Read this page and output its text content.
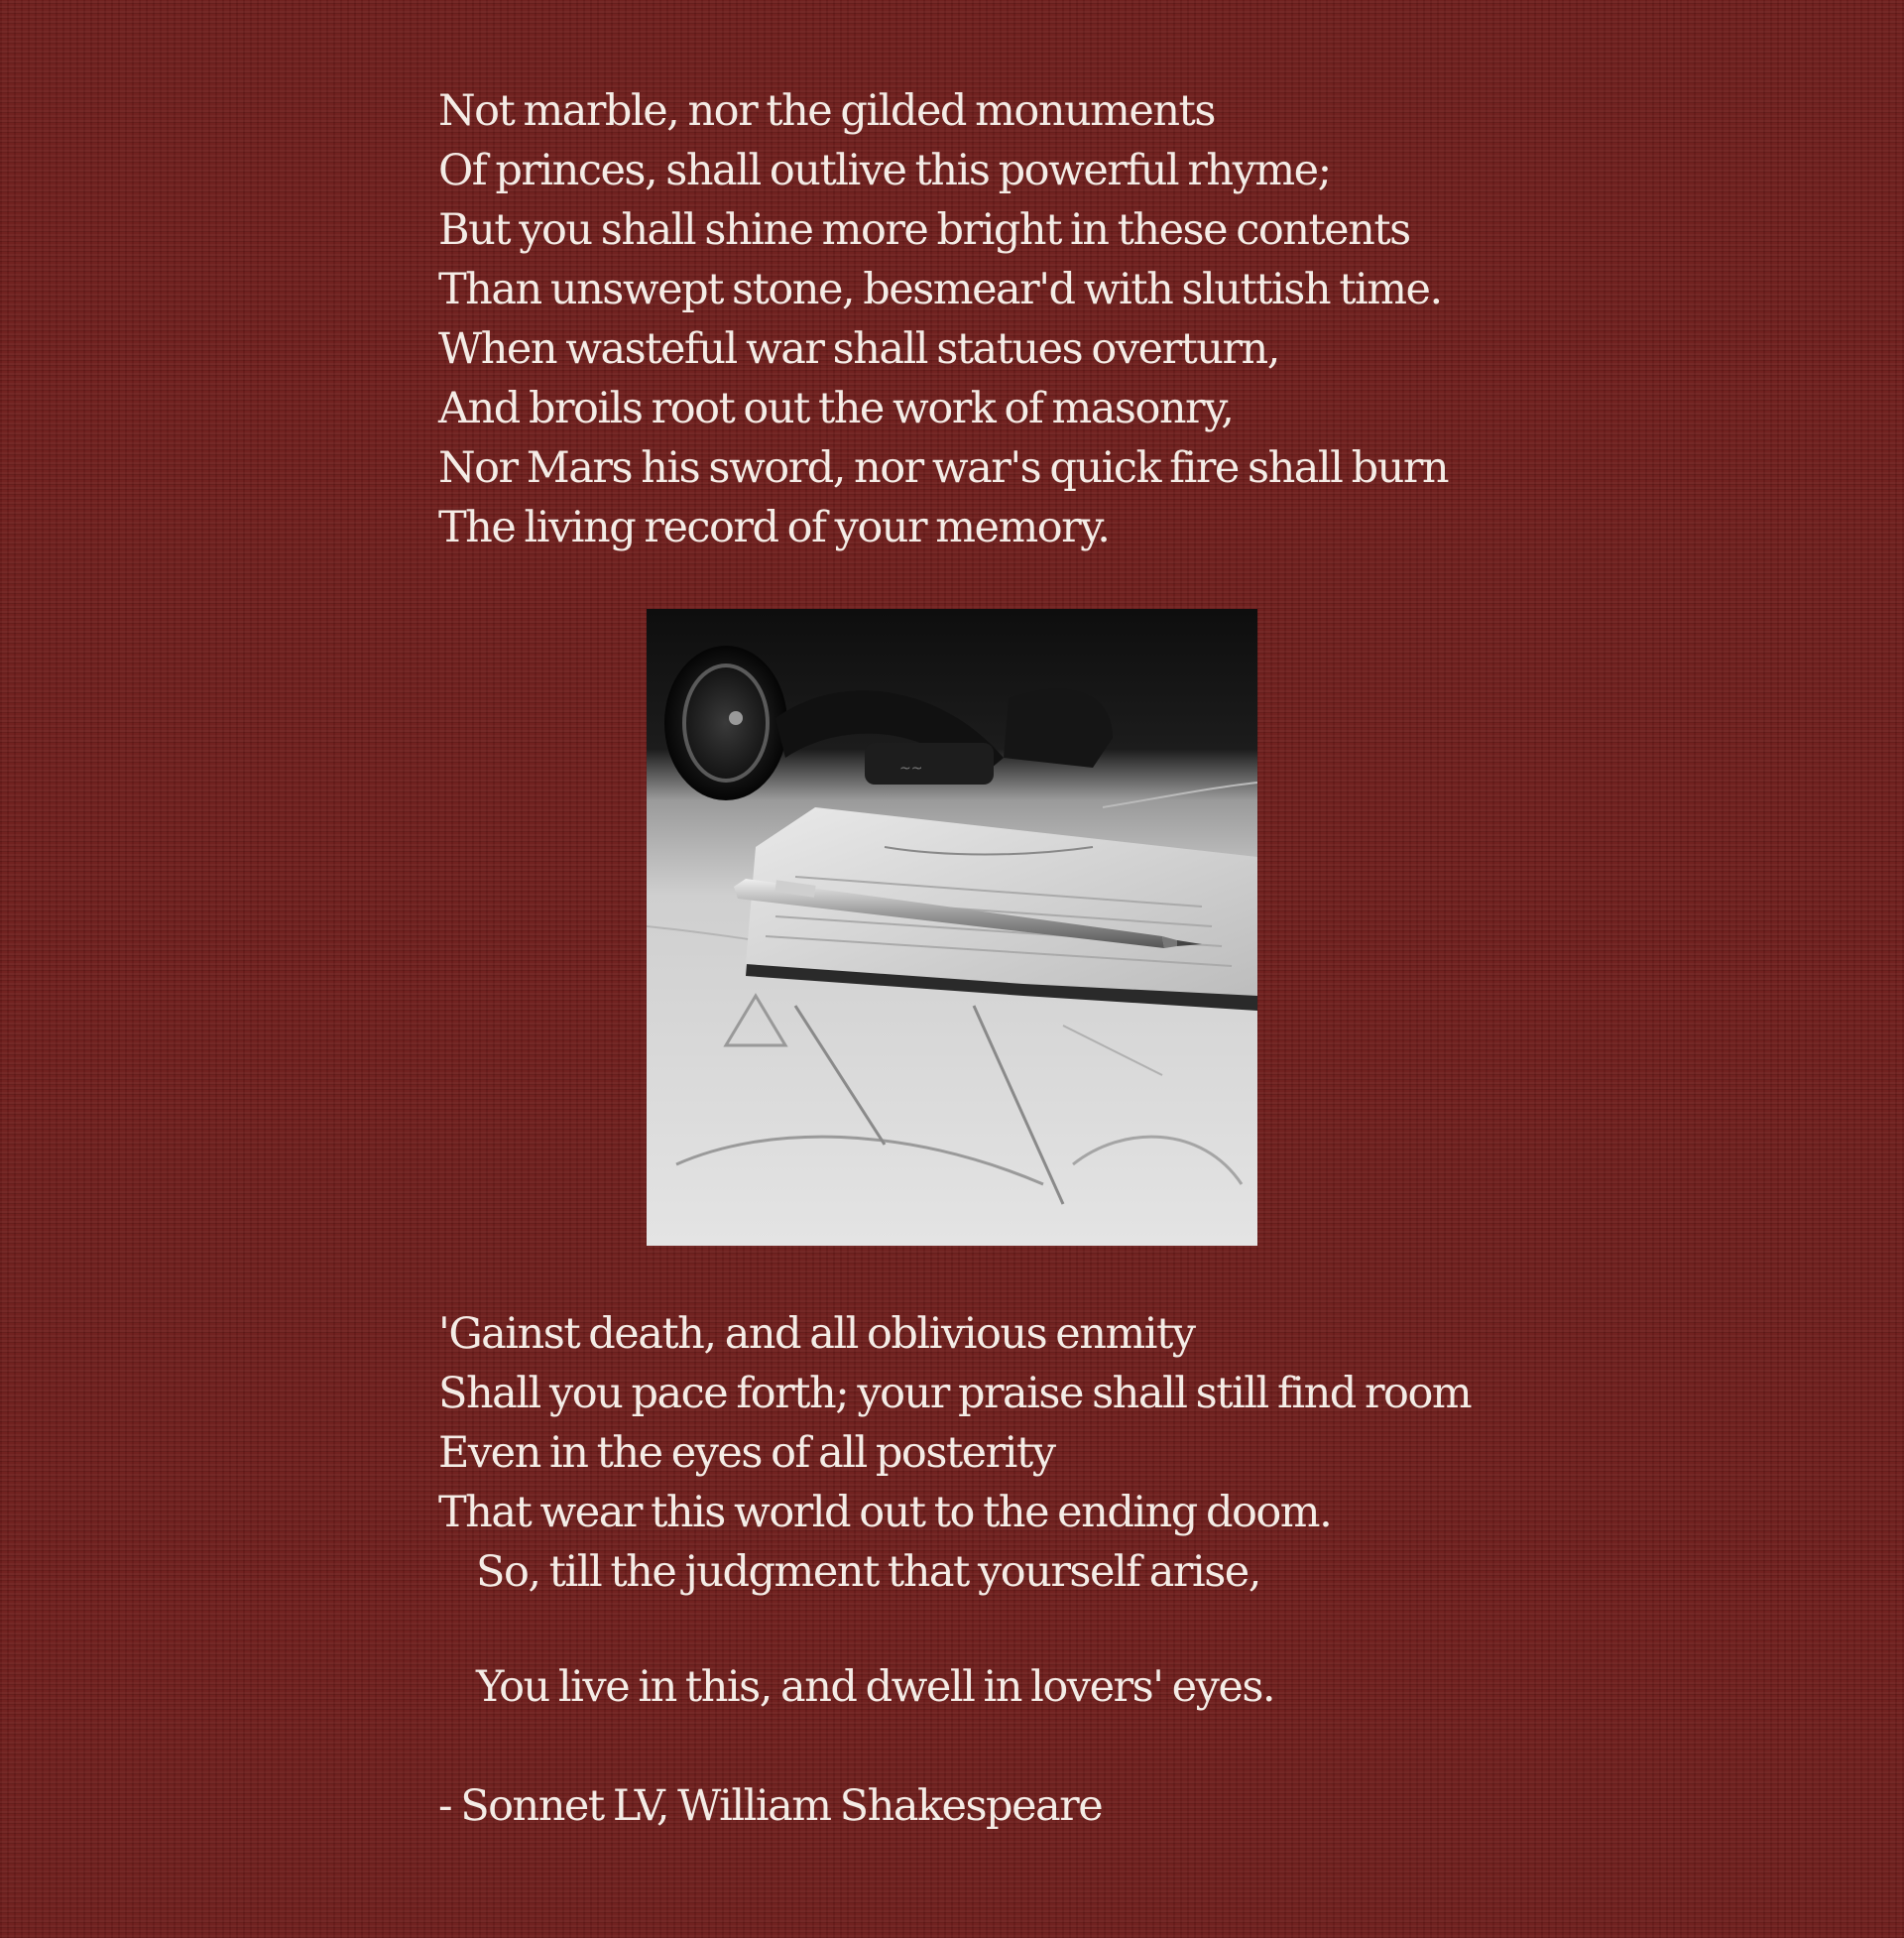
Not marble, nor the gilded monuments
Of princes, shall outlive this powerful rhyme;
But you shall shine more bright in these contents
Than unswept stone, besmear'd with sluttish time.
When wasteful war shall statues overturn,
And broils root out the work of masonry,
Nor Mars his sword, nor war's quick fire shall burn
The living record of your memory.
~~
'Gainst death, and all oblivious enmity
Shall you pace forth; your praise shall still find room
Even in the eyes of all posterity
That wear this world out to the ending doom.
So, till the judgment that yourself arise,
You live in this, and dwell in lovers' eyes.
- Sonnet LV, William Shakespeare
